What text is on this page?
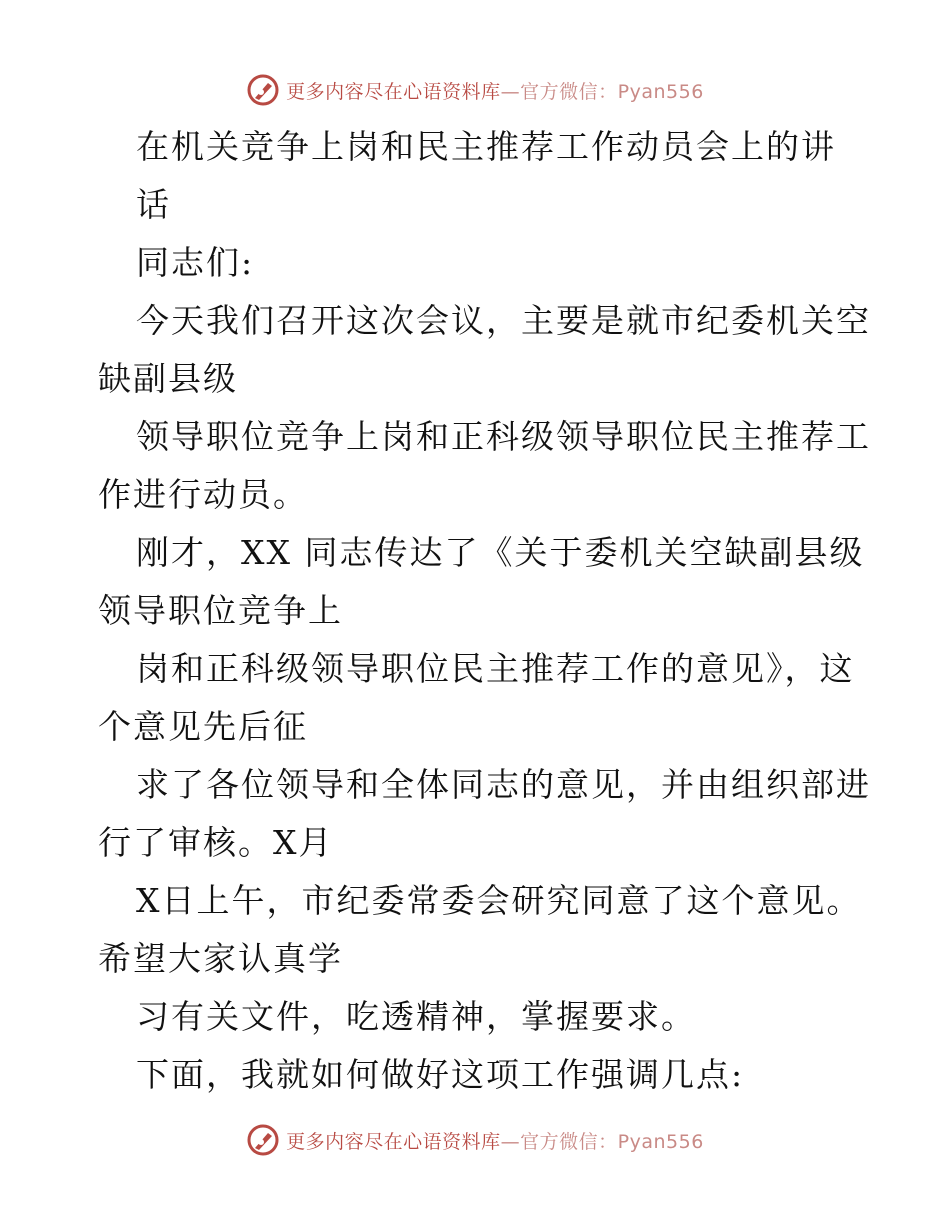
更多内容尽在心语资料库—官方微信：Pyan556
在机关竞争上岗和民主推荐工作动员会上的讲
话
同志们:
今天我们召开这次会议，主要是就市纪委机关空
缺副县级
领导职位竞争上岗和正科级领导职位民主推荐工
作进行动员。
刚才，XX 同志传达了《关于委机关空缺副县级
领导职位竞争上
岗和正科级领导职位民主推荐工作的意见》，这
个意见先后征
求了各位领导和全体同志的意见，并由组织部进
行了审核。X月
X日上午，市纪委常委会研究同意了这个意见。
希望大家认真学
习有关文件，吃透精神，掌握要求。
下面，我就如何做好这项工作强调几点:
更多内容尽在心语资料库—官方微信：Pyan556
